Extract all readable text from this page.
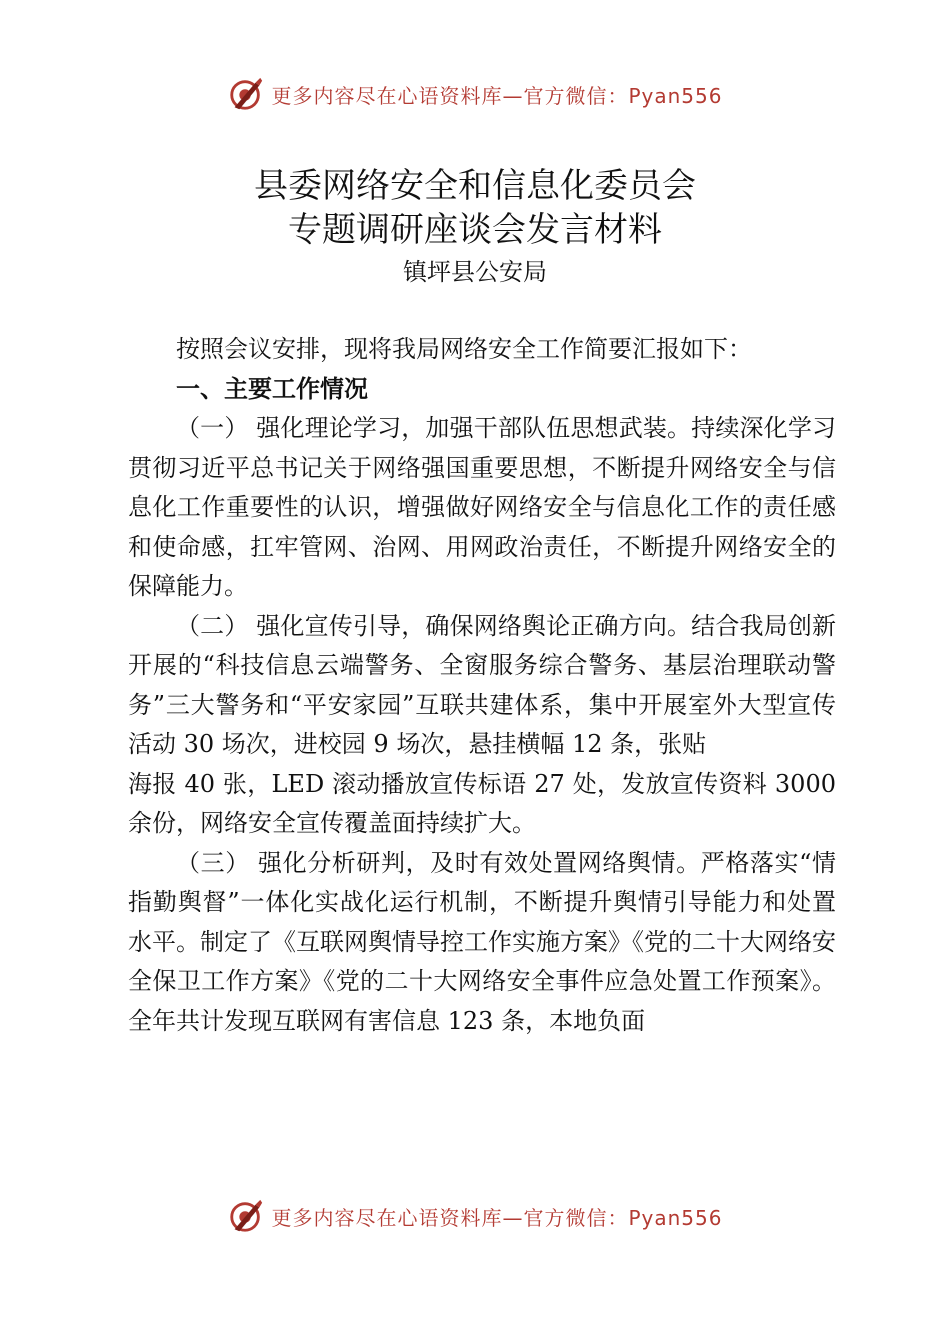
更多内容尽在心语资料库—官方微信：Pyan556
县委网络安全和信息化委员会
专题调研座谈会发言材料
镇坪县公安局

按照会议安排，现将我局网络安全工作简要汇报如下：

一、主要工作情况

（一） 强化理论学习，加强干部队伍思想武装。持续深化学习贯彻习近平总书记关于网络强国重要思想，不断提升网络安全与信息化工作重要性的认识，增强做好网络安全与信息化工作的责任感和使命感，扛牢管网、治网、用网政治责任，不断提升网络安全的保障能力。

（二） 强化宣传引导，确保网络舆论正确方向。结合我局创新开展的“科技信息云端警务、全窗服务综合警务、基层治理联动警务”三大警务和“平安家园”互联共建体系，集中开展室外大型宣传活动 30 场次，进校园 9 场次，悬挂横幅 12 条，张贴

海报 40 张，LED 滚动播放宣传标语 27 处，发放宣传资料 3000 余份，网络安全宣传覆盖面持续扩大。

（三） 强化分析研判，及时有效处置网络舆情。严格落实“情指勤舆督”一体化实战化运行机制，不断提升舆情引导能力和处置水平。制定了《互联网舆情导控工作实施方案》《党的二十大网络安全保卫工作方案》《党的二十大网络安全事件应急处置工作预案》。全年共计发现互联网有害信息 123 条，本地负面

更多内容尽在心语资料库—官方微信：Pyan556
